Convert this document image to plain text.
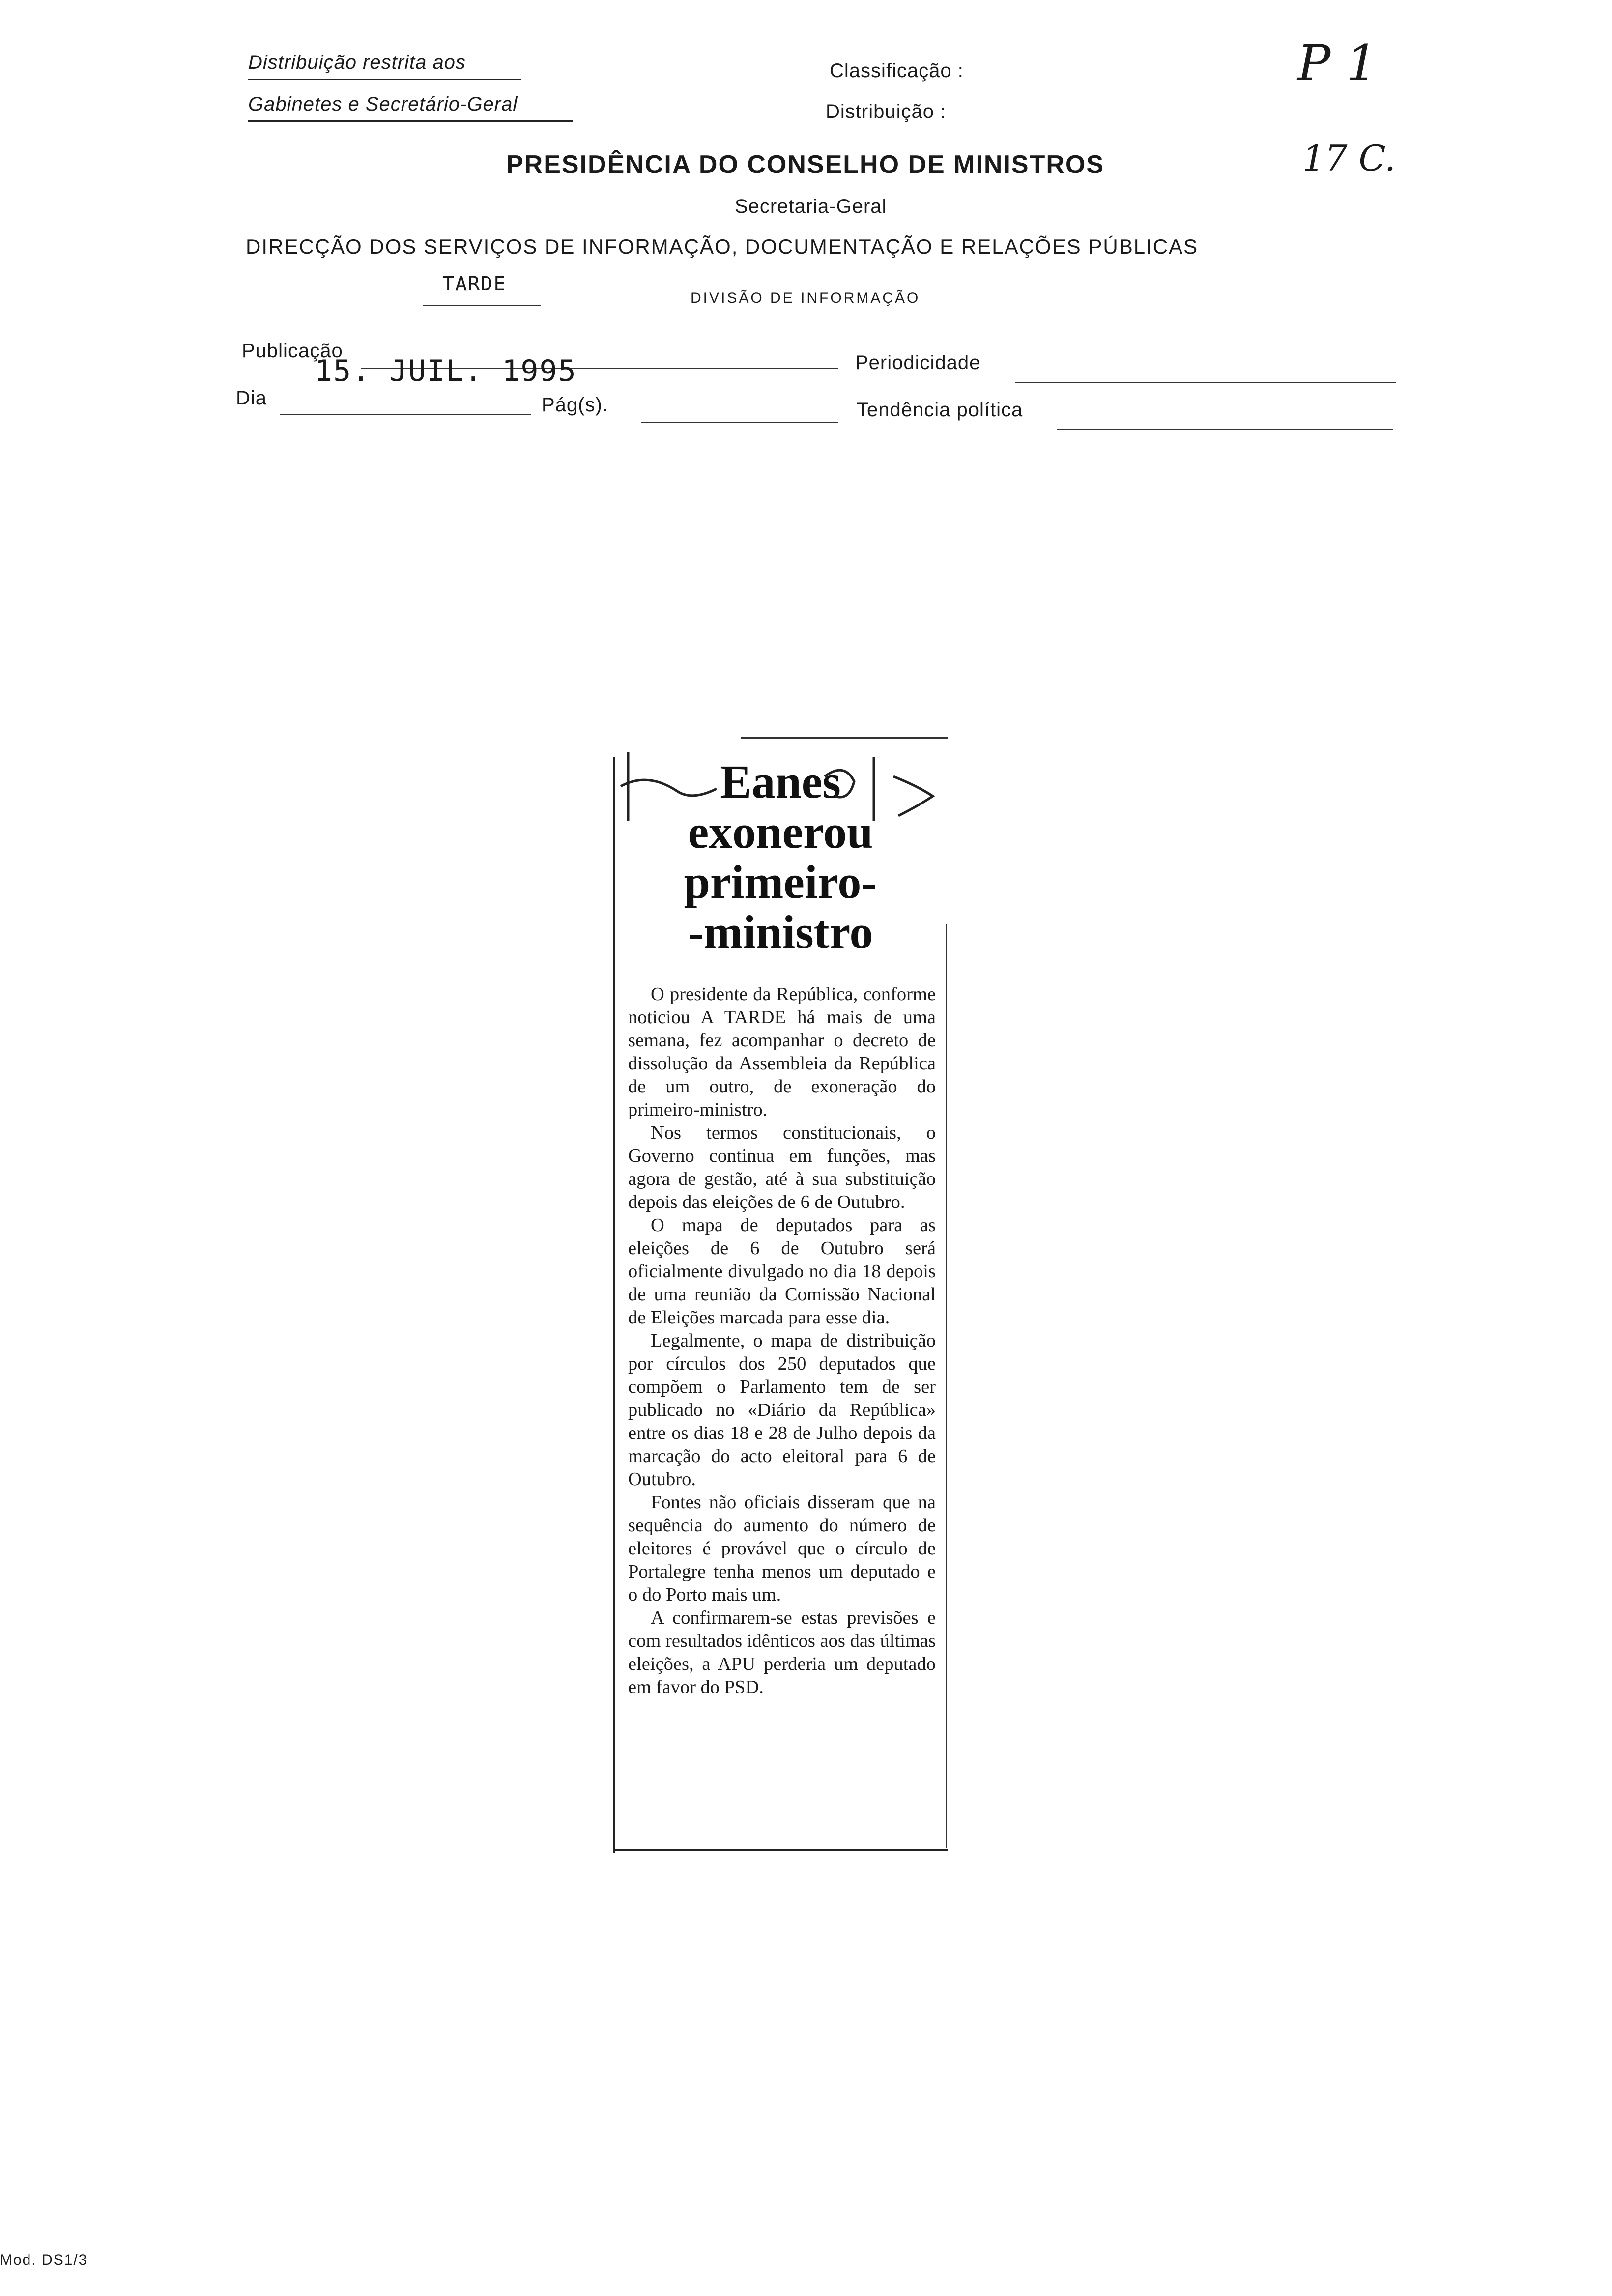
Distribuição restrita aos
Gabinetes e Secretário-Geral
Classificação :
Distribuição :
P 1
17 C.
PRESIDÊNCIA DO CONSELHO DE MINISTROS
Secretaria-Geral
DIRECÇÃO DOS SERVIÇOS DE INFORMAÇÃO, DOCUMENTAÇÃO E RELAÇÕES PÚBLICAS
TARDE
DIVISÃO DE INFORMAÇÃO
Publicação
15. JUIL. 1995	Periodicidade
Dia	Pág(s).	Tendência política
Eanes
exonerou
primeiro-
-ministro

O presidente da República, conforme noticiou A TARDE há mais de uma semana, fez acompanhar o decreto de dissolução da Assembleia da República de um outro, de exoneração do primeiro-ministro.

Nos termos constitucionais, o Governo continua em funções, mas agora de gestão, até à sua substituição depois das eleições de 6 de Outubro.

O mapa de deputados para as eleições de 6 de Outubro será oficialmente divulgado no dia 18 depois de uma reunião da Comissão Nacional de Eleições marcada para esse dia.

Legalmente, o mapa de distribuição por círculos dos 250 deputados que compõem o Parlamento tem de ser publicado no «Diário da República» entre os dias 18 e 28 de Julho depois da marcação do acto eleitoral para 6 de Outubro.

Fontes não oficiais disseram que na sequência do aumento do número de eleitores é provável que o círculo de Portalegre tenha menos um deputado e o do Porto mais um.

A confirmarem-se estas previsões e com resultados idênticos aos das últimas eleições, a APU perderia um deputado em favor do PSD.

Mod. DS1/3
